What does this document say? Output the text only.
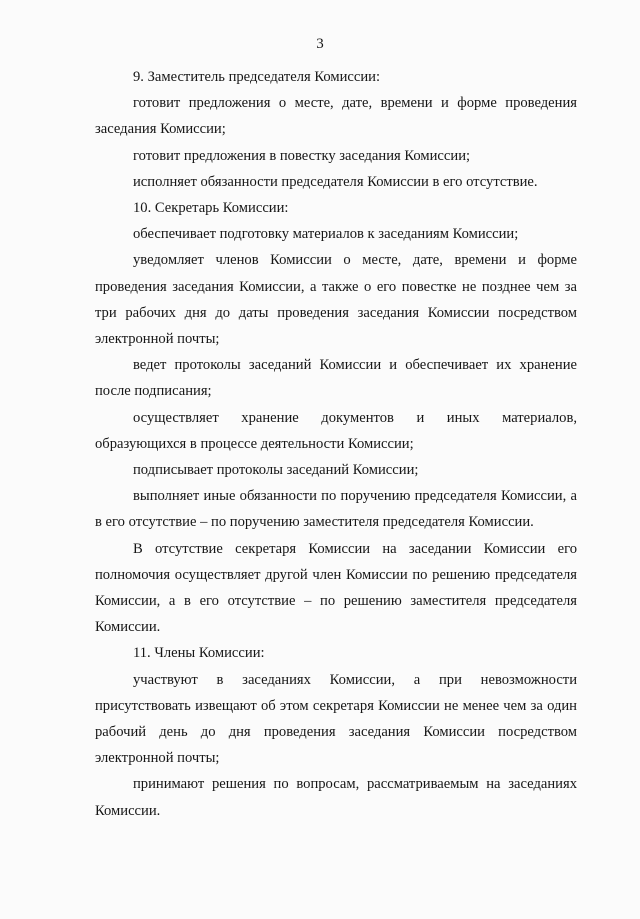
3

9. Заместитель председателя Комиссии:

готовит предложения о месте, дате, времени и форме проведения заседания Комиссии;

готовит предложения в повестку заседания Комиссии;

исполняет обязанности председателя Комиссии в его отсутствие.

10. Секретарь Комиссии:

обеспечивает подготовку материалов к заседаниям Комиссии;

уведомляет членов Комиссии о месте, дате, времени и форме проведения заседания Комиссии, а также о его повестке не позднее чем за три рабочих дня до даты проведения заседания Комиссии посредством электронной почты;

ведет протоколы заседаний Комиссии и обеспечивает их хранение после подписания;

осуществляет хранение документов и иных материалов, образующихся в процессе деятельности Комиссии;

подписывает протоколы заседаний Комиссии;

выполняет иные обязанности по поручению председателя Комиссии, а в его отсутствие – по поручению заместителя председателя Комиссии.

В отсутствие секретаря Комиссии на заседании Комиссии его полномочия осуществляет другой член Комиссии по решению председателя Комиссии, а в его отсутствие – по решению заместителя председателя Комиссии.

11. Члены Комиссии:

участвуют в заседаниях Комиссии, а при невозможности присутствовать извещают об этом секретаря Комиссии не менее чем за один рабочий день до дня проведения заседания Комиссии посредством электронной почты;

принимают решения по вопросам, рассматриваемым на заседаниях Комиссии.
